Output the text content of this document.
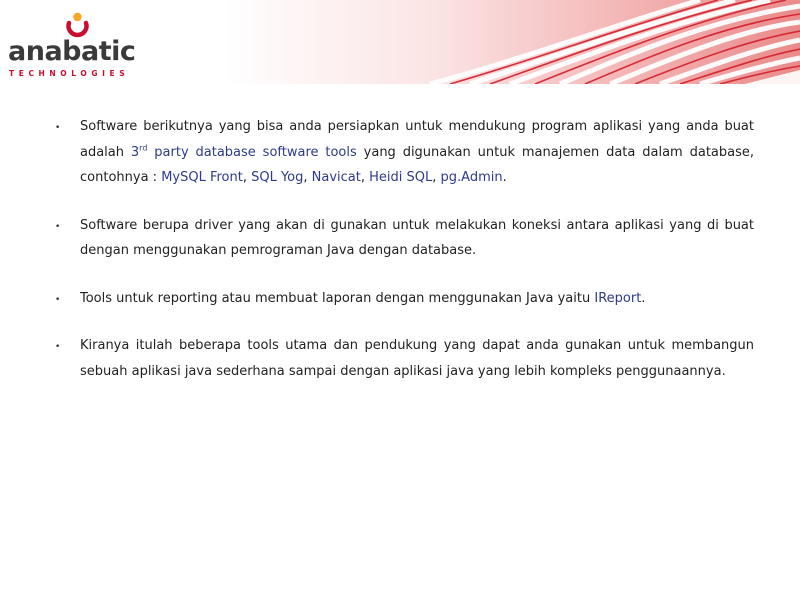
anabatic
TECHNOLOGIES
• Software berikutnya yang bisa anda persiapkan untuk mendukung program aplikasi yang anda buat adalah 3rd party database software tools yang digunakan untuk manajemen data dalam database, contohnya : MySQL Front, SQL Yog, Navicat, Heidi SQL, pg.Admin.
• Software berupa driver yang akan di gunakan untuk melakukan koneksi antara aplikasi yang di buat dengan menggunakan pemrograman Java dengan database.
• Tools untuk reporting atau membuat laporan dengan menggunakan Java yaitu IReport.
• Kiranya itulah beberapa tools utama dan pendukung yang dapat anda gunakan untuk membangun sebuah aplikasi java sederhana sampai dengan aplikasi java yang lebih kompleks penggunaannya.
